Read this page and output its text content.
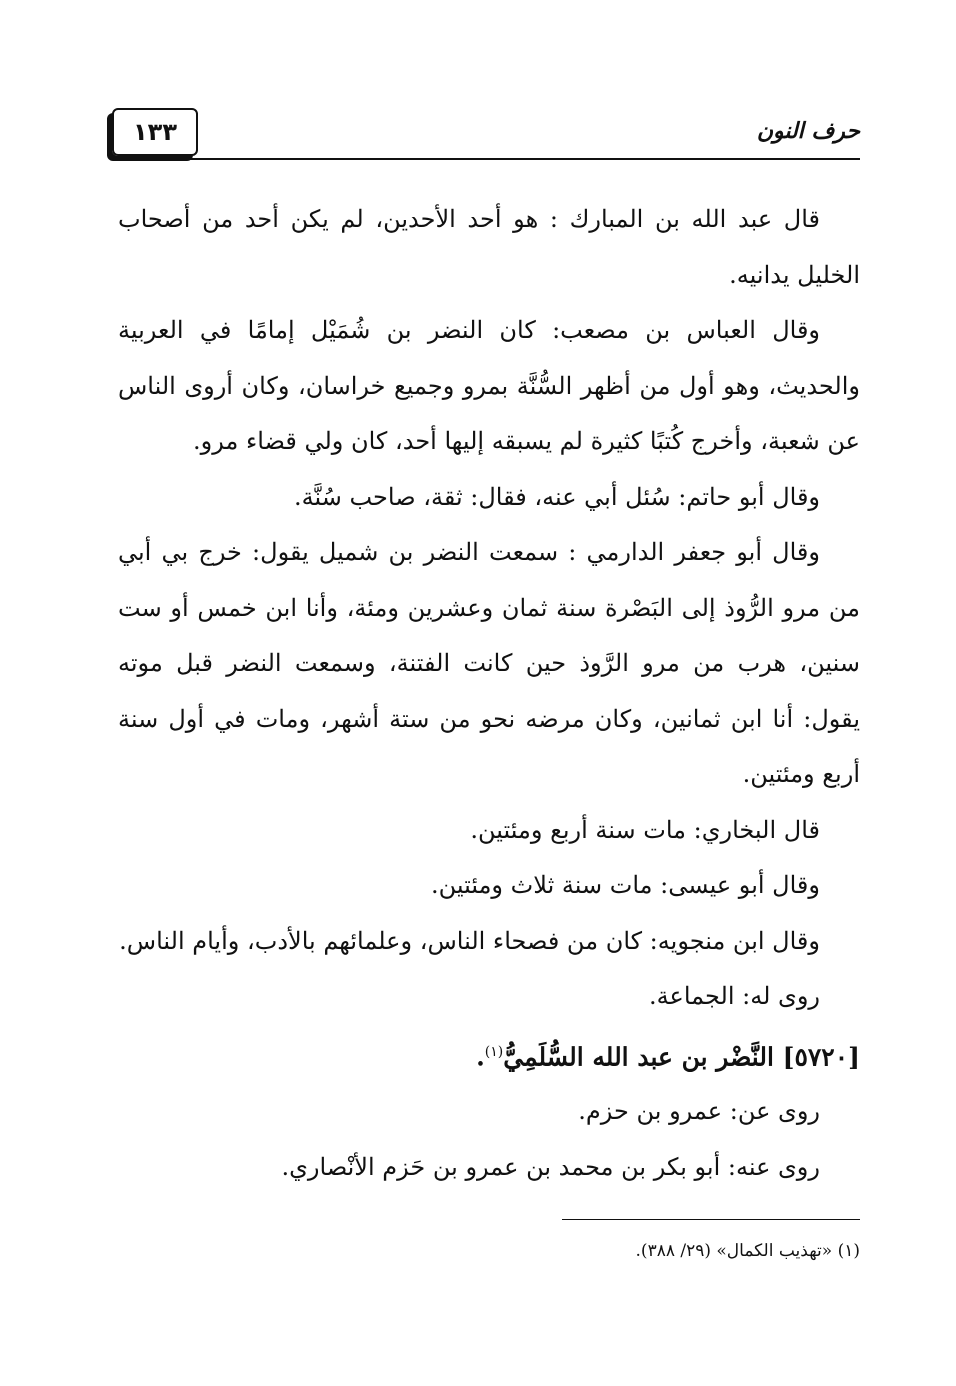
١٣٣	حرف النون

قال عبد الله بن المبارك : هو أحد الأحدين، لم يكن أحد من أصحاب الخليل يدانيه.

وقال العباس بن مصعب: كان النضر بن شُمَيْل إمامًا في العربية والحديث، وهو أول من أظهر السُّنَّة بمرو وجميع خراسان، وكان أروى الناس عن شعبة، وأخرج كُتبًا كثيرة لم يسبقه إليها أحد، كان ولي قضاء مرو.

وقال أبو حاتم: سُئل أبي عنه، فقال: ثقة، صاحب سُنَّة.

وقال أبو جعفر الدارمي : سمعت النضر بن شميل يقول: خرج بي أبي من مرو الرُّوذ إلى البَصْرة سنة ثمان وعشرين ومئة، وأنا ابن خمس أو ست سنين، هرب من مرو الرَّوذ حين كانت الفتنة، وسمعت النضر قبل موته يقول: أنا ابن ثمانين، وكان مرضه نحو من ستة أشهر، ومات في أول سنة أربع ومئتين.

قال البخاري: مات سنة أربع ومئتين.

وقال أبو عيسى: مات سنة ثلاث ومئتين.

وقال ابن منجويه: كان من فصحاء الناس، وعلمائهم بالأدب، وأيام الناس.

روى له: الجماعة.

[٥٧٢٠] النَّضْر بن عبد الله السُّلَمِيُّ$^{(١)}$.

روى عن: عمرو بن حزم.

روى عنه: أبو بكر بن محمد بن عمرو بن حَزم الأنْصاري.

(١) «تهذيب الكمال» (٢٩/ ٣٨٨).
